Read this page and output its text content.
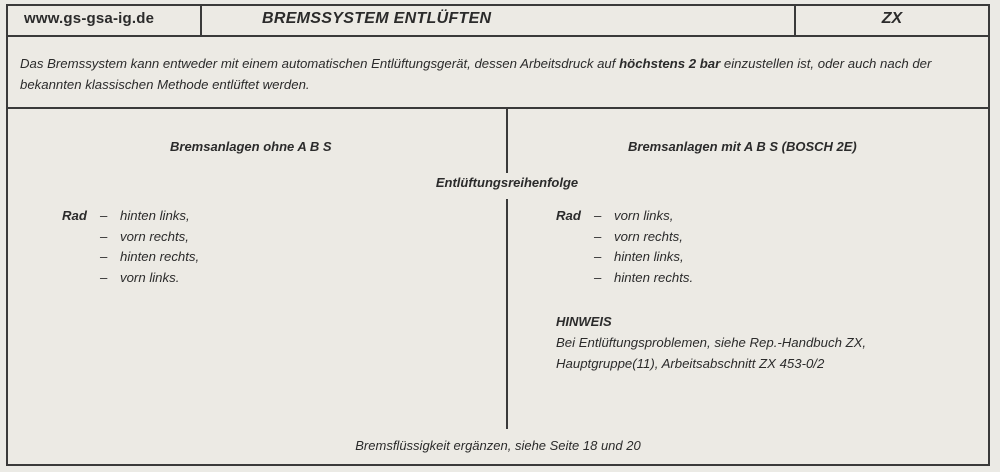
www.gs-gsa-ig.de	BREMSSYSTEM ENTLÜFTEN	ZX
Das Bremssystem kann entweder mit einem automatischen Entlüftungsgerät, dessen Arbeitsdruck auf höchstens 2 bar einzustellen ist, oder auch nach der bekannten klassischen Methode entlüftet werden.
Bremsanlagen ohne A B S	Bremsanlagen mit A B S (BOSCH 2E)
Entlüftungsreihenfolge
Rad – hinten links,
– vorn rechts,
– hinten rechts,
– vorn links.
Rad – vorn links,
– vorn rechts,
– hinten links,
– hinten rechts.
HINWEIS
Bei Entlüftungsproblemen, siehe Rep.-Handbuch ZX,
Hauptgruppe(11), Arbeitsabschnitt ZX 453-0/2
Bremsflüssigkeit ergänzen, siehe Seite 18 und 20
